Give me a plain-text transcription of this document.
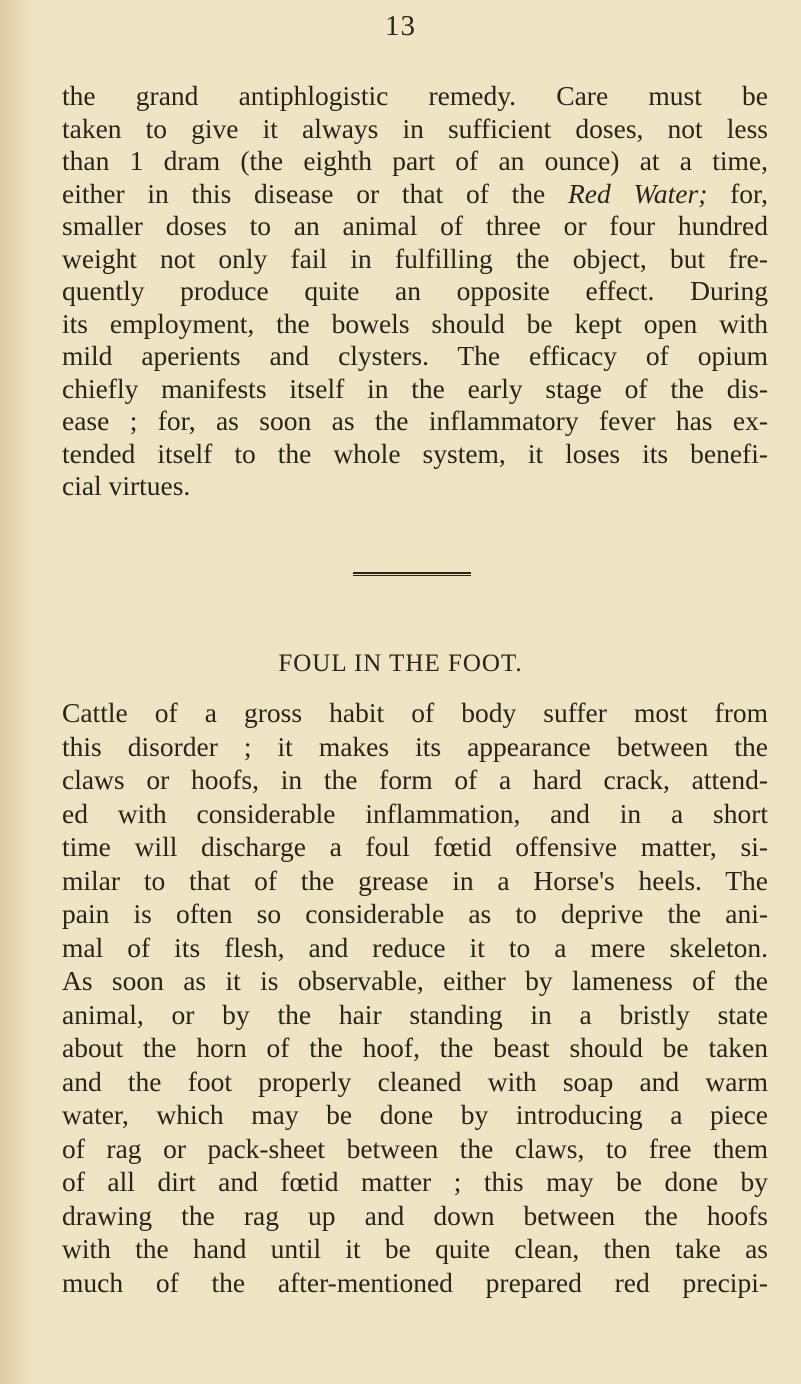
13
the grand antiphlogistic remedy. Care must be
taken to give it always in sufficient doses, not less
than 1 dram (the eighth part of an ounce) at a time,
either in this disease or that of the Red Water; for,
smaller doses to an animal of three or four hundred
weight not only fail in fulfilling the object, but fre-
quently produce quite an opposite effect. During
its employment, the bowels should be kept open with
mild aperients and clysters. The efficacy of opium
chiefly manifests itself in the early stage of the dis-
ease ; for, as soon as the inflammatory fever has ex-
tended itself to the whole system, it loses its benefi-
cial virtues.
FOUL IN THE FOOT.
Cattle of a gross habit of body suffer most from
this disorder ; it makes its appearance between the
claws or hoofs, in the form of a hard crack, attend-
ed with considerable inflammation, and in a short
time will discharge a foul fœtid offensive matter, si-
milar to that of the grease in a Horse's heels. The
pain is often so considerable as to deprive the ani-
mal of its flesh, and reduce it to a mere skeleton.
As soon as it is observable, either by lameness of the
animal, or by the hair standing in a bristly state
about the horn of the hoof, the beast should be taken
and the foot properly cleaned with soap and warm
water, which may be done by introducing a piece
of rag or pack-sheet between the claws, to free them
of all dirt and fœtid matter ; this may be done by
drawing the rag up and down between the hoofs
with the hand until it be quite clean, then take as
much of the after-mentioned prepared red precipi-
